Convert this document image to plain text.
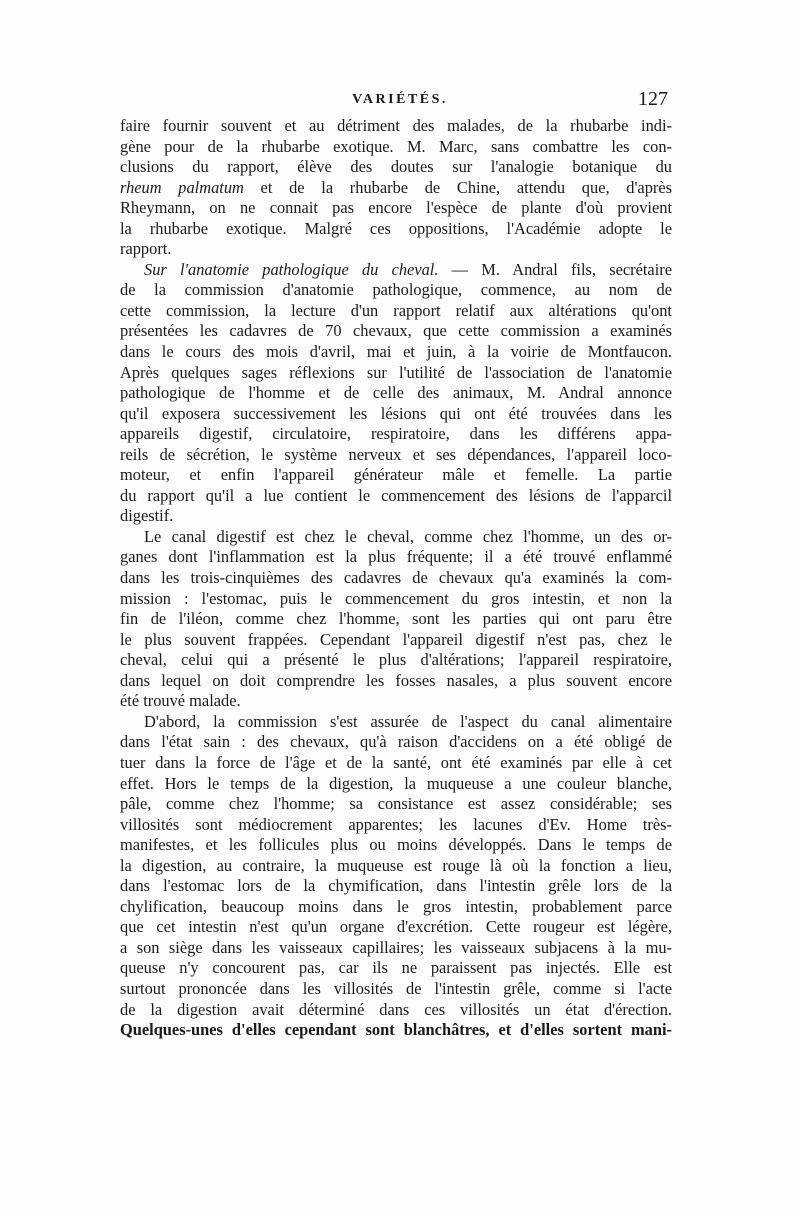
VARIÉTÉS.	127
faire fournir souvent et au détriment des malades, de la rhubarbe indi-
gène pour de la rhubarbe exotique. M. Marc, sans combattre les con-
clusions du rapport, élève des doutes sur l'analogie botanique du
rheum palmatum et de la rhubarbe de Chine, attendu que, d'après
Rheymann, on ne connait pas encore l'espèce de plante d'où provient
la rhubarbe exotique. Malgré ces oppositions, l'Académie adopte le
rapport.
Sur l'anatomie pathologique du cheval. — M. Andral fils, secrétaire
de la commission d'anatomie pathologique, commence, au nom de
cette commission, la lecture d'un rapport relatif aux altérations qu'ont
présentées les cadavres de 70 chevaux, que cette commission a examinés
dans le cours des mois d'avril, mai et juin, à la voirie de Montfaucon.
Après quelques sages réflexions sur l'utilité de l'association de l'anatomie
pathologique de l'homme et de celle des animaux, M. Andral annonce
qu'il exposera successivement les lésions qui ont été trouvées dans les
appareils digestif, circulatoire, respiratoire, dans les différens appa-
reils de sécrétion, le système nerveux et ses dépendances, l'appareil loco-
moteur, et enfin l'appareil générateur mâle et femelle. La partie
du rapport qu'il a lue contient le commencement des lésions de l'apparcil
digestif.
Le canal digestif est chez le cheval, comme chez l'homme, un des or-
ganes dont l'inflammation est la plus fréquente; il a été trouvé enflammé
dans les trois-cinquièmes des cadavres de chevaux qu'a examinés la com-
mission : l'estomac, puis le commencement du gros intestin, et non la
fin de l'iléon, comme chez l'homme, sont les parties qui ont paru être
le plus souvent frappées. Cependant l'appareil digestif n'est pas, chez le
cheval, celui qui a présenté le plus d'altérations; l'appareil respiratoire,
dans lequel on doit comprendre les fosses nasales, a plus souvent encore
été trouvé malade.
D'abord, la commission s'est assurée de l'aspect du canal alimentaire
dans l'état sain : des chevaux, qu'à raison d'accidens on a été obligé de
tuer dans la force de l'âge et de la santé, ont été examinés par elle à cet
effet. Hors le temps de la digestion, la muqueuse a une couleur blanche,
pâle, comme chez l'homme; sa consistance est assez considérable; ses
villosités sont médiocrement apparentes; les lacunes d'Ev. Home très-
manifestes, et les follicules plus ou moins développés. Dans le temps de
la digestion, au contraire, la muqueuse est rouge là où la fonction a lieu,
dans l'estomac lors de la chymification, dans l'intestin grêle lors de la
chylification, beaucoup moins dans le gros intestin, probablement parce
que cet intestin n'est qu'un organe d'excrétion. Cette rougeur est légère,
a son siège dans les vaisseaux capillaires; les vaisseaux subjacens à la mu-
queuse n'y concourent pas, car ils ne paraissent pas injectés. Elle est
surtout prononcée dans les villosités de l'intestin grêle, comme si l'acte
de la digestion avait déterminé dans ces villosités un état d'érection.
Quelques-unes d'elles cependant sont blanchâtres, et d'elles sortent mani-
